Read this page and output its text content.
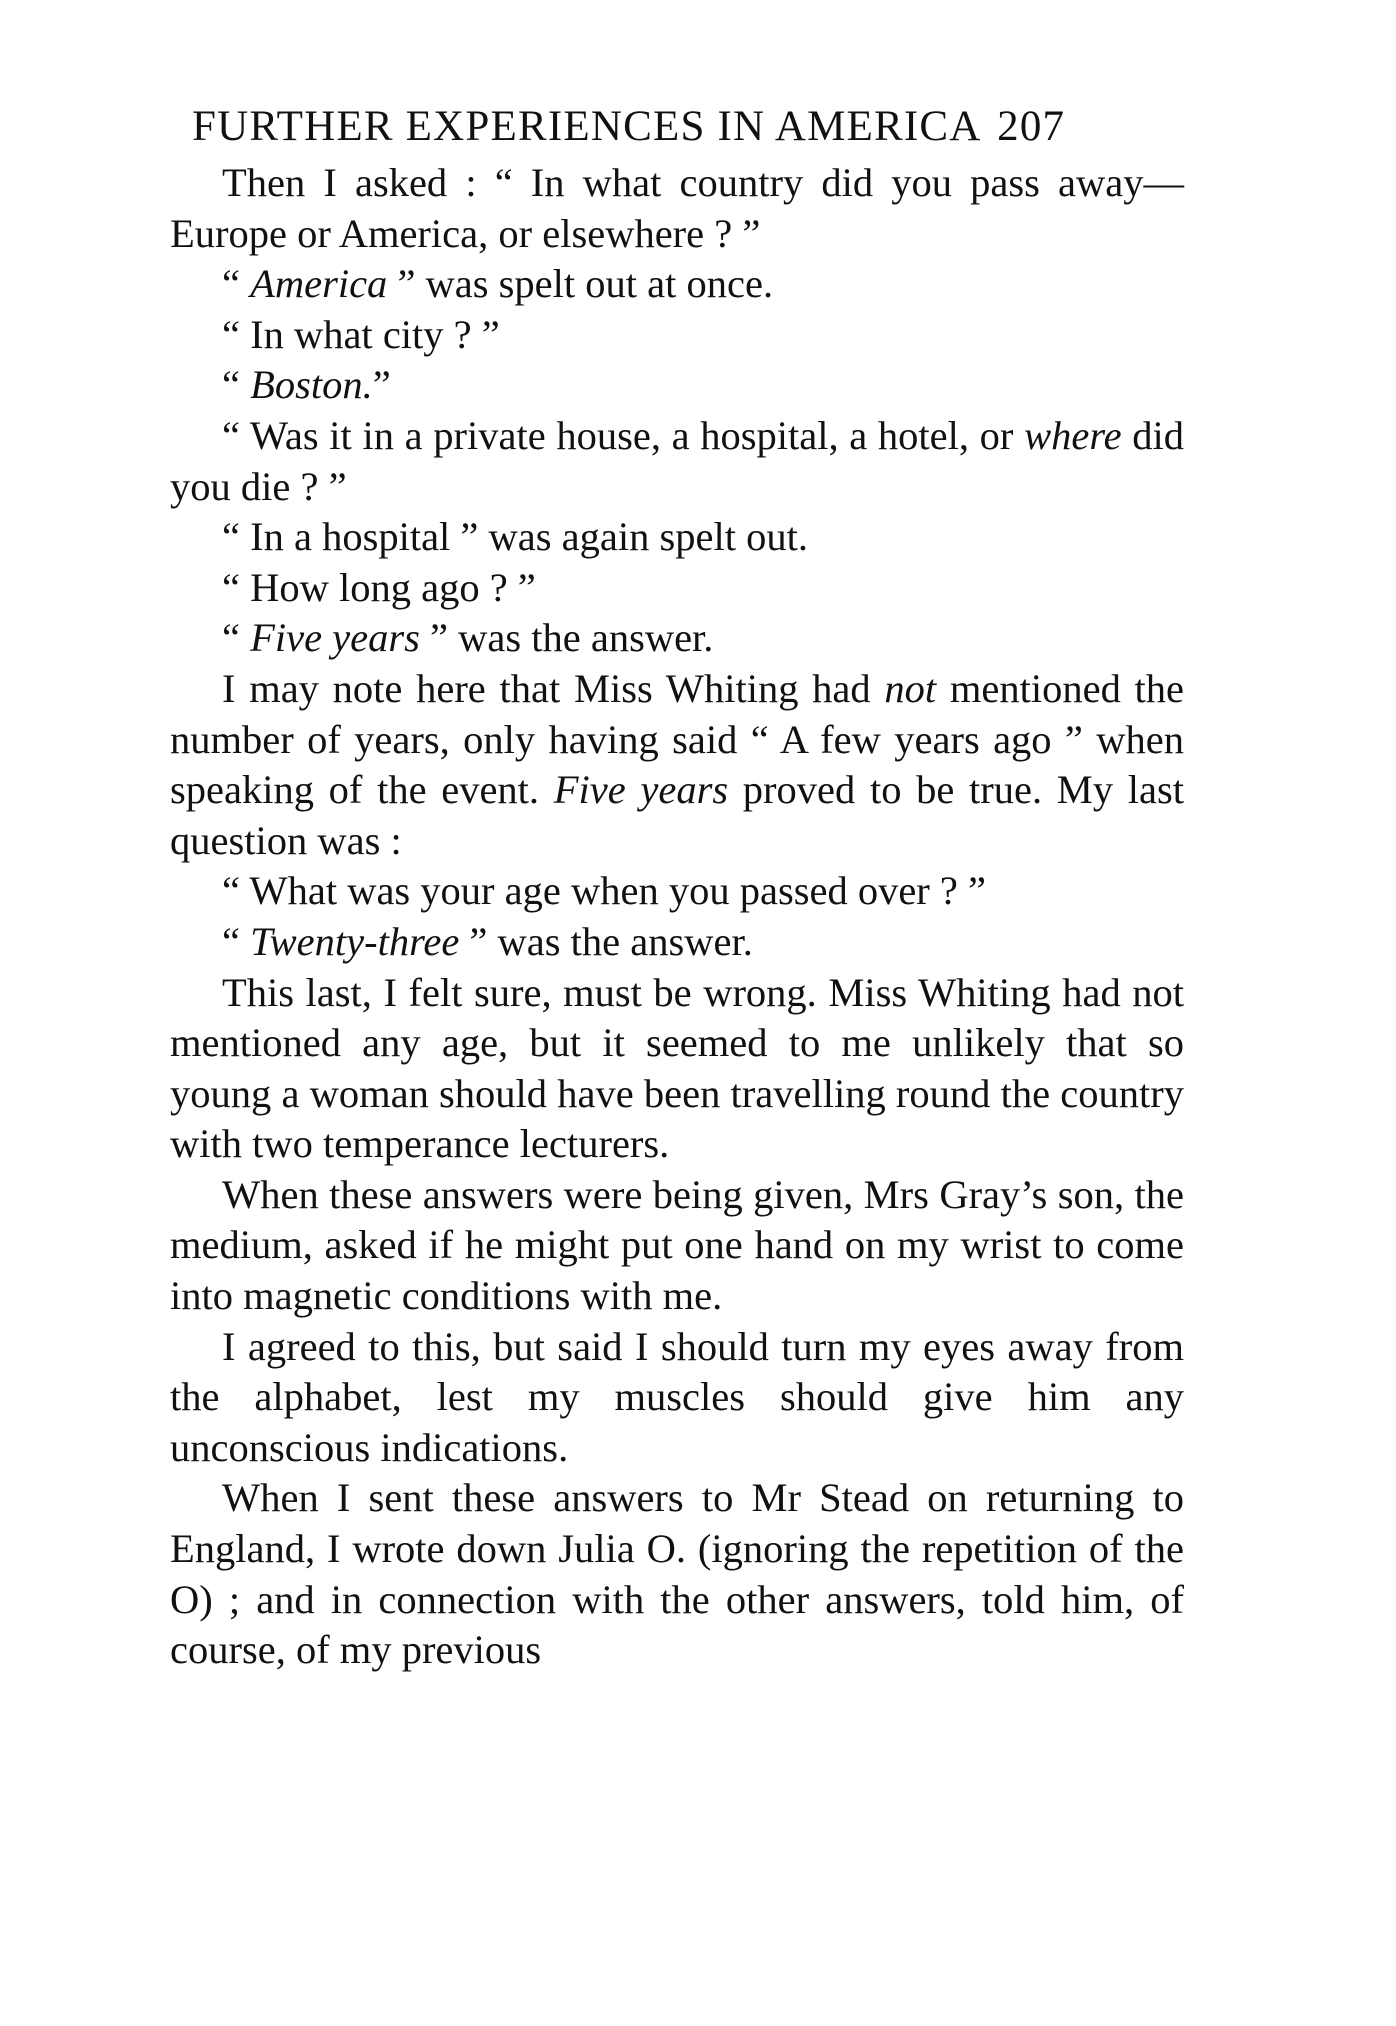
FURTHER EXPERIENCES IN AMERICA 207

Then I asked : “ In what country did you pass away—Europe or America, or elsewhere ? ”

“ America ” was spelt out at once.

“ In what city ? ”

“ Boston.”

“ Was it in a private house, a hospital, a hotel, or where did you die ? ”

“ In a hospital ” was again spelt out.

“ How long ago ? ”

“ Five years ” was the answer.

I may note here that Miss Whiting had not mentioned the number of years, only having said “ A few years ago ” when speaking of the event. Five years proved to be true. My last question was :

“ What was your age when you passed over ? ”

“ Twenty-three ” was the answer.

This last, I felt sure, must be wrong. Miss Whiting had not mentioned any age, but it seemed to me unlikely that so young a woman should have been travelling round the country with two temperance lecturers.

When these answers were being given, Mrs Gray’s son, the medium, asked if he might put one hand on my wrist to come into magnetic conditions with me.

I agreed to this, but said I should turn my eyes away from the alphabet, lest my muscles should give him any unconscious indications.

When I sent these answers to Mr Stead on returning to England, I wrote down Julia O. (ignoring the repetition of the O) ; and in connection with the other answers, told him, of course, of my previous
